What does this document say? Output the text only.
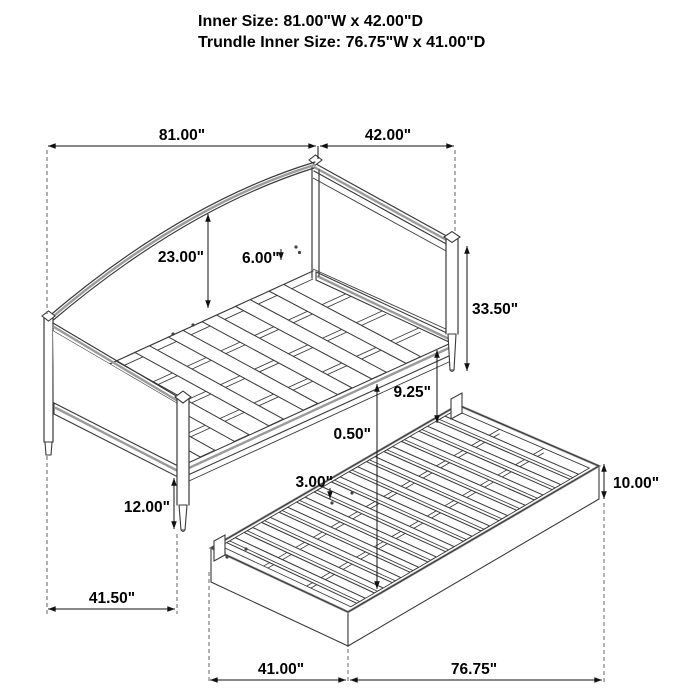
81.00"	42.00"
23.00" 6.00"
33.50"
9.25"
0.50"
3.00"
12.00"
41.50"
10.00"
41.00"	76.75"
Inner Size: 81.00"W x 42.00"D
Trundle Inner Size: 76.75"W x 41.00"D
